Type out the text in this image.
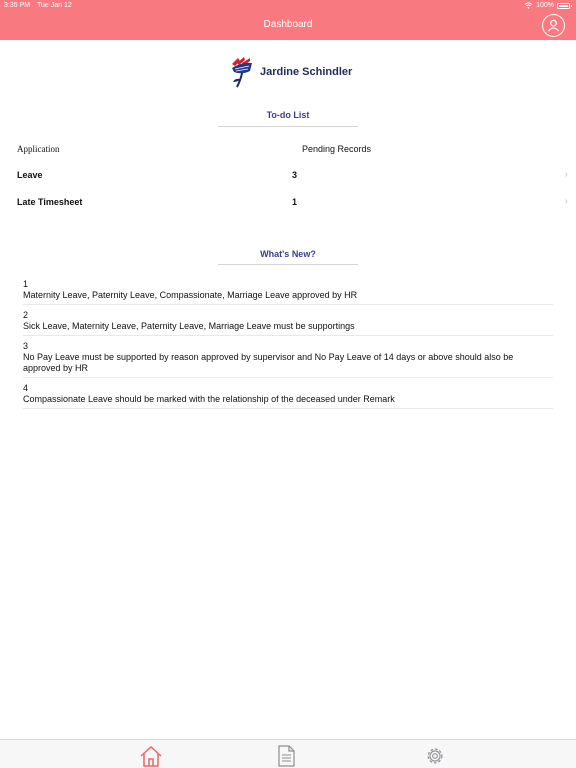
3:35 PM Tue Jan 12	100%
Dashboard
Jardine Schindler
To-do List
Application	Pending Records
Leave	3	›
Late Timesheet	1	›
What's New?
1
Maternity Leave, Paternity Leave, Compassionate, Marriage Leave approved by HR
2
Sick Leave, Maternity Leave, Paternity Leave, Marriage Leave must be supportings
3
No Pay Leave must be supported by reason approved by supervisor and No Pay Leave of 14 days or above should also be approved by HR
4
Compassionate Leave should be marked with the relationship of the deceased under Remark
